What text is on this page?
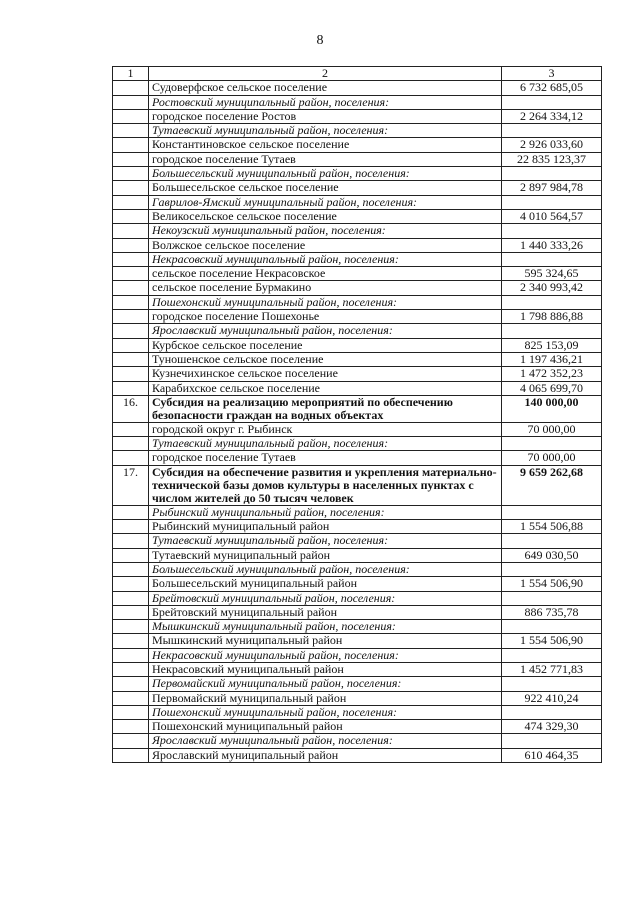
8
1	2	3
	Судоверфское сельское поселение	6 732 685,05
	Ростовский муниципальный район, поселения:	
	городское поселение Ростов	2 264 334,12
	Тутаевский муниципальный район, поселения:	
	Константиновское сельское поселение	2 926 033,60
	городское поселение Тутаев	22 835 123,37
	Большесельский муниципальный район, поселения:	
	Большесельское сельское поселение	2 897 984,78
	Гаврилов-Ямский муниципальный район, поселения:	
	Великосельское сельское поселение	4 010 564,57
	Некоузский муниципальный район, поселения:	
	Волжское сельское поселение	1 440 333,26
	Некрасовский муниципальный район, поселения:	
	сельское поселение Некрасовское	595 324,65
	сельское поселение Бурмакино	2 340 993,42
	Пошехонский муниципальный район, поселения:	
	городское поселение Пошехонье	1 798 886,88
	Ярославский муниципальный район, поселения:	
	Курбское сельское поселение	825 153,09
	Туношенское сельское поселение	1 197 436,21
	Кузнечихинское сельское поселение	1 472 352,23
	Карабихское сельское поселение	4 065 699,70
16.	Субсидия на реализацию мероприятий по обеспечению безопасности граждан на водных объектах	140 000,00
	городской округ г. Рыбинск	70 000,00
	Тутаевский муниципальный район, поселения:	
	городское поселение Тутаев	70 000,00
17.	Субсидия на обеспечение развития и укрепления материально-технической базы домов культуры в населенных пунктах с числом жителей до 50 тысяч человек	9 659 262,68
	Рыбинский муниципальный район, поселения:	
	Рыбинский муниципальный район	1 554 506,88
	Тутаевский муниципальный район, поселения:	
	Тутаевский муниципальный район	649 030,50
	Большесельский муниципальный район, поселения:	
	Большесельский муниципальный район	1 554 506,90
	Брейтовский муниципальный район, поселения:	
	Брейтовский муниципальный район	886 735,78
	Мышкинский муниципальный район, поселения:	
	Мышкинский муниципальный район	1 554 506,90
	Некрасовский муниципальный район, поселения:	
	Некрасовский муниципальный район	1 452 771,83
	Первомайский муниципальный район, поселения:	
	Первомайский муниципальный район	922 410,24
	Пошехонский муниципальный район, поселения:	
	Пошехонский муниципальный район	474 329,30
	Ярославский муниципальный район, поселения:	
	Ярославский муниципальный район	610 464,35
